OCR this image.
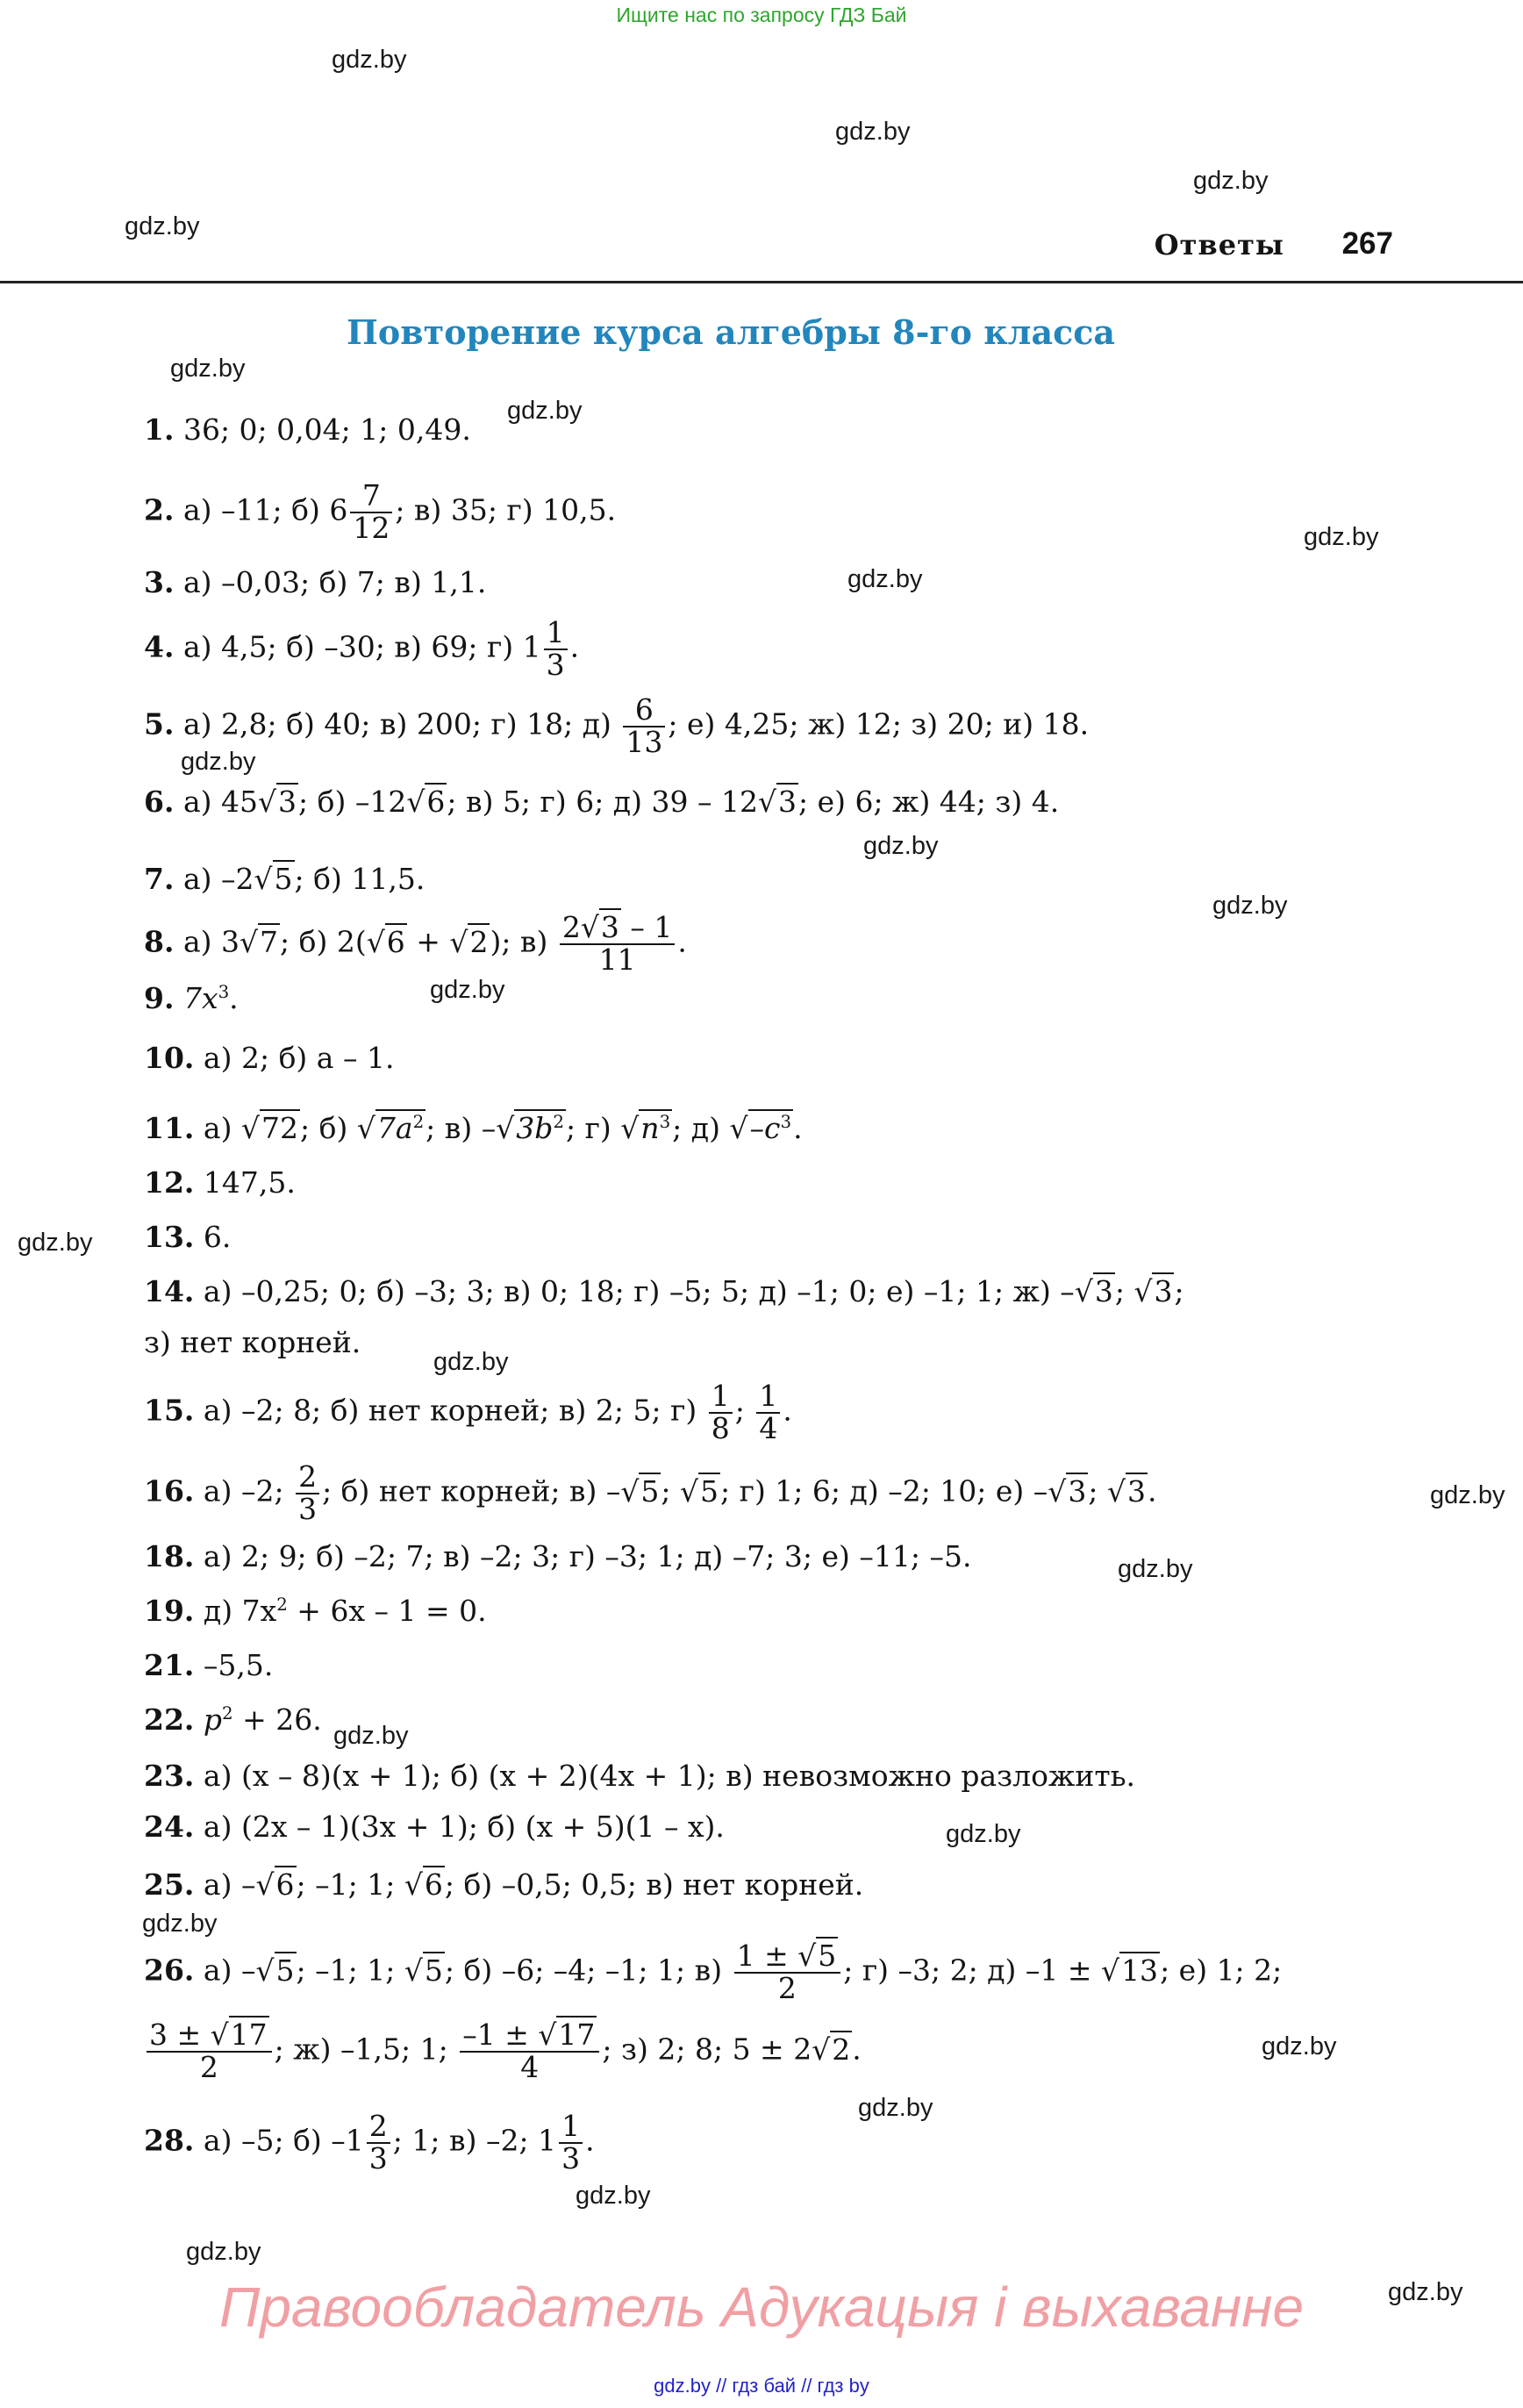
Ищите нас по запросу ГДЗ Бай
gdz.by
gdz.by
gdz.by
gdz.by
gdz.by
gdz.by
gdz.by
gdz.by
gdz.by
gdz.by
gdz.by
gdz.by
gdz.by
gdz.by
gdz.by
gdz.by
gdz.by
gdz.by
gdz.by
gdz.by
gdz.by
gdz.by
gdz.by
gdz.by
Ответы 267
Повторение курса алгебры 8-го класса
1. 36; 0; 0,04; 1; 0,49.
2. а) –11; б) $6 \frac{7}{12}$ ; в) 35; г) 10,5.
3. а) –0,03; б) 7; в) 1,1.
4. а) 4,5; б) –30; в) 69; г) $1 \frac{1}{3}$ .
5. а) 2,8; б) 40; в) 200; г) 18; $д) \frac{6}{13}$ ; е) 4,25; ж) 12; з) 20; и) 18.
6. а) 45√3; б) –12√6; в) 5; г) 6; д) 39 – 12√3; е) 6; ж) 44; з) 4.
7. а) –2√5; б) 11,5.
8. а) 3√7; б) 2(√6 + √2); $в) \frac{2√3 - 1}{11}$ .
9. $7x^3$.
10. а) 2; б) a – 1.
11. а) √72; б) $√7a^2$; в) $-√3b^2$; г) $√n^3$; д) $√-c^3$.
12. 147,5.
13. 6.
14. а) –0,25; 0; б) –3; 3; в) 0; 18; г) –5; 5; д) –1; 0; е) –1; 1; ж) –√3; √3;
з) нет корней.
15. а) –2; 8; б) нет корней; в) 2; 5; $г) \frac{1}{8}$ ; $\frac{1}{4}$ .
16. а) –2; $\frac{2}{3}$ ; б) нет корней; в) –√5; √5; г) 1; 6; д) –2; 10; е) –√3; √3.
18. а) 2; 9; б) –2; 7; в) –2; 3; г) –3; 1; д) –7; 3; е) –11; –5.
19. д) $7x^2 + 6x - 1 = 0$.
21. –5,5.
22. $p^2 + 26$.
23. а) (x – 8)(x + 1); б) (x + 2)(4x + 1); в) невозможно разложить.
24. а) (2x – 1)(3x + 1); б) (x + 5)(1 – x).
25. а) –√6; –1; 1; √6; б) –0,5; 0,5; в) нет корней.
26. а) –√5; –1; 1; √5; б) –6; –4; –1; 1; $в) \frac{1 \pm √5}{2}$ ; г) –3; 2; д) –1 ± √13; е) 1; 2;
$\frac{3 \pm √17}{2}$ ; ж) –1,5; 1; $\frac{-1 \pm √17}{4}$ ; з) 2; 8; 5 ± 2√2.
28. а) –5; б) $-1 \frac{2}{3}$ ; 1; в) –2; $1 \frac{1}{3}$ .
Правообладатель Адукацыя і выхаванне
gdz.by // гдз бай // гдз by
